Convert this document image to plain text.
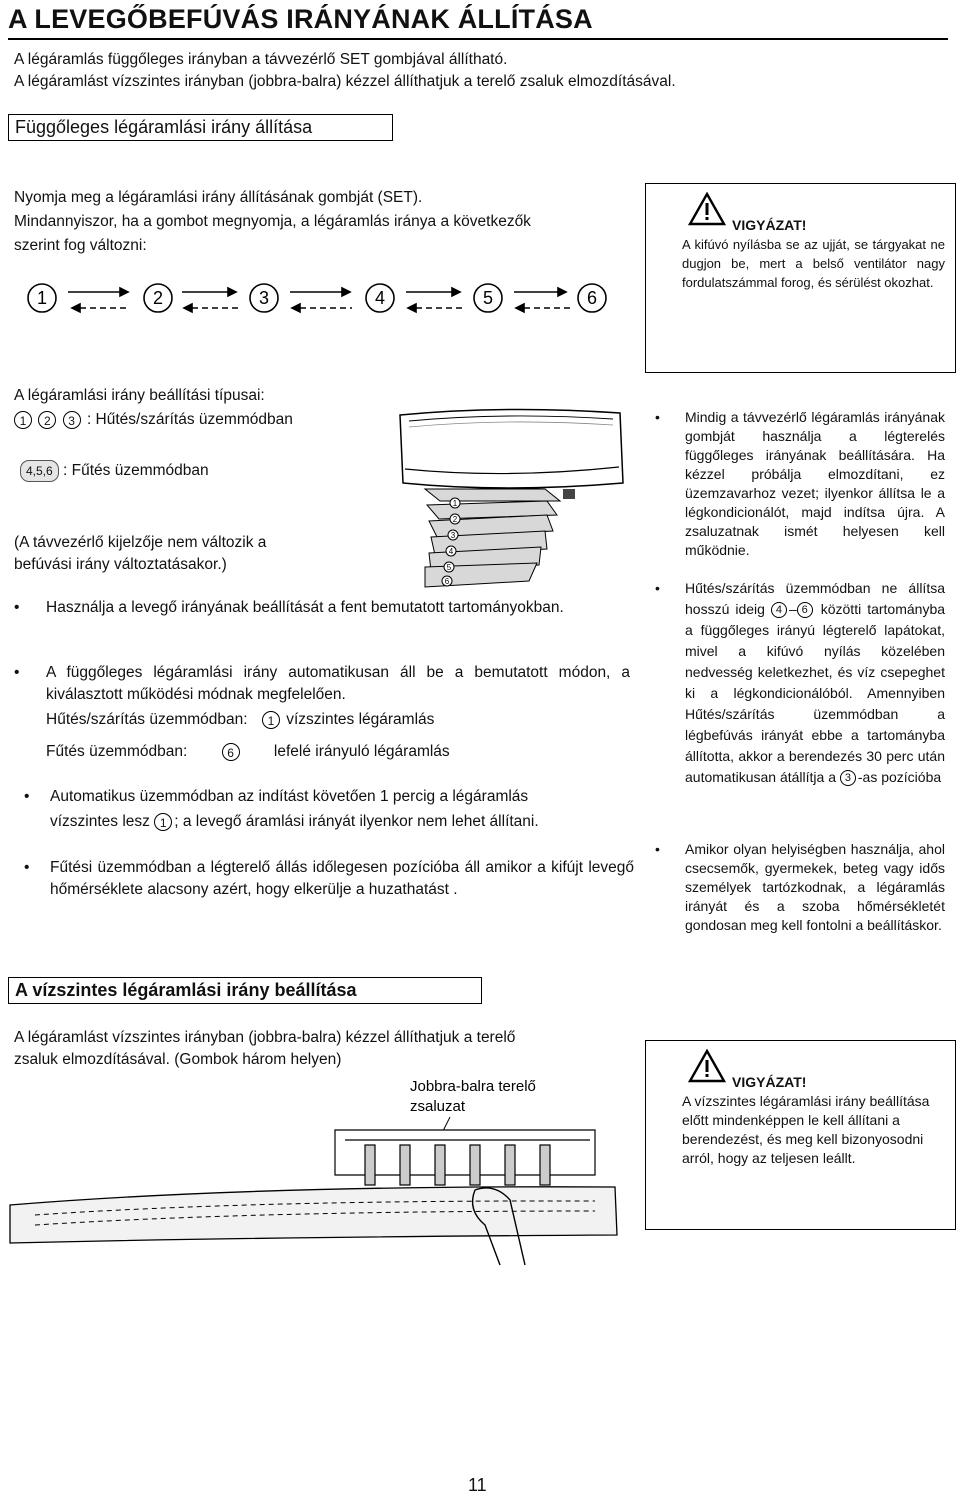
A LEVEGŐBEFÚVÁS IRÁNYÁNAK ÁLLÍTÁSA
A légáramlás függőleges irányban a távvezérlő SET gombjával állítható.
A légáramlást vízszintes irányban (jobbra-balra) kézzel állíthatjuk a terelő zsaluk elmozdításával.
Függőleges légáramlási irány állítása
Nyomja meg a légáramlási irány állításának gombját (SET).
Mindannyiszor, ha a gombot megnyomja, a légáramlás iránya a következők
szerint fog változni:
1	2	3	4	5	6
VIGYÁZAT!
A kifúvó nyílásba se az ujját, se tárgyakat ne dugjon be, mert a belső ventilátor nagy fordulatszámmal forog, és sérülést okozhat.
A légáramlási irány beállítási típusai:
1 2 3 : Hűtés/szárítás üzemmódban
4,5,6 : Fűtés üzemmódban
(A távvezérlő kijelzője nem változik a
befúvási irány változtatásakor.)
1
2
3
4
5
6
• Használja a levegő irányának beállítását a fent bemutatott tartományokban.
• A függőleges légáramlási irány automatikusan áll be a bemutatott módon, a kiválasztott működési módnak megfelelően.
Hűtés/szárítás üzemmódban: 1 vízszintes légáramlás
Fűtés üzemmódban:	6	lefelé irányuló légáramlás
• Automatikus üzemmódban az indítást követően 1 percig a légáramlás
vízszintes lesz 1 ; a levegő áramlási irányát ilyenkor nem lehet állítani.
• Fűtési üzemmódban a légterelő állás időlegesen pozícióba áll amikor a kifújt levegő hőmérséklete alacsony azért, hogy elkerülje a huzathatást .
• Mindig a távvezérlő légáramlás irányának gombját használja a légterelés függőleges irányának beállítására. Ha kézzel próbálja elmozdítani, ez üzemzavarhoz vezet; ilyenkor állítsa le a légkondicionálót, majd indítsa újra. A zsaluzatnak ismét helyesen kell működnie.
• Hűtés/szárítás üzemmódban ne állítsa hosszú ideig 4 – 6 közötti tartományba a függőleges irányú légterelő lapátokat, mivel a kifúvó nyílás közelében nedvesség keletkezhet, és víz csepeghet ki a légkondicionálóból. Amennyiben Hűtés/szárítás üzemmódban a légbefúvás irányát ebbe a tartományba állította, akkor a berendezés 30 perc után automatikusan átállítja a 3 -as pozícióba
• Amikor olyan helyiségben használja, ahol csecsemők, gyermekek, beteg vagy idős személyek tartózkodnak, a légáramlás irányát és a szoba hőmérsékletét gondosan meg kell fontolni a beállításkor.
A vízszintes légáramlási irány beállítása
A légáramlást vízszintes irányban (jobbra-balra) kézzel állíthatjuk a terelő
zsaluk elmozdításával. (Gombok három helyen)
Jobbra-balra terelő
zsaluzat
VIGYÁZAT!
A vízszintes légáramlási irány beállítása előtt mindenképpen le kell állítani a berendezést, és meg kell bizonyosodni arról, hogy az teljesen leállt.
11
